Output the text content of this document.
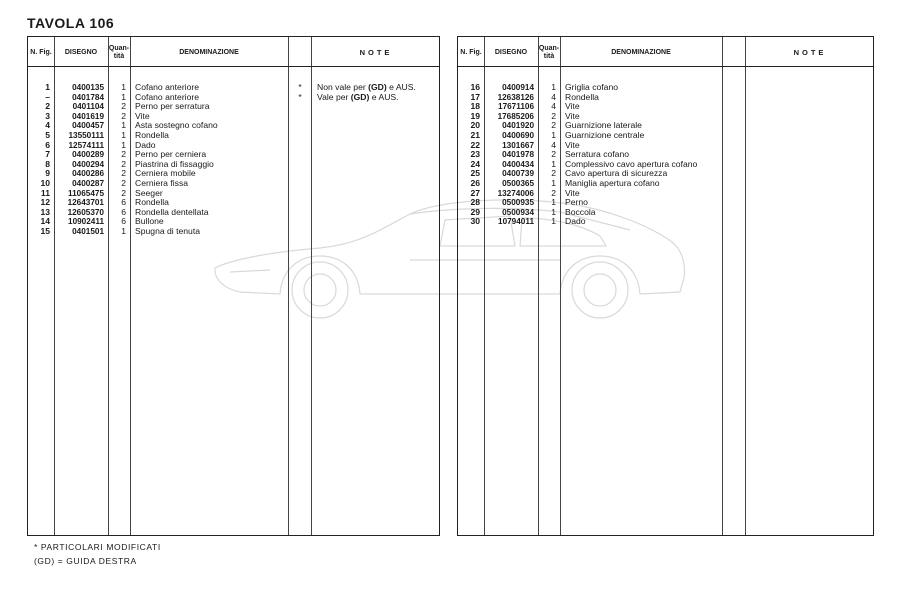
TAVOLA 106
N. Fig.	DISEGNO
Quan- tità
DENOMINAZIONE	NOTE
1	0400135	1 Cofano anteriore	*	Non vale per (GD) e AUS.
–	0401784	1 Cofano anteriore	*	Vale per (GD) e AUS.
2	0401104	2 Perno per serratura
3	0401619	2 Vite
4	0400457	1 Asta sostegno cofano
5	13550111	1 Rondella
6	12574111	1 Dado
7	0400289	2 Perno per cerniera
8	0400294	2 Piastrina di fissaggio
9	0400286	2 Cerniera mobile
10	0400287	2 Cerniera fissa
11	11065475	2 Seeger
12	12643701	6 Rondella
13	12605370	6 Rondella dentellata
14	10902411	6 Bullone
15	0401501	1 Spugna di tenuta
N. Fig.	DISEGNO
Quan- tità
DENOMINAZIONE	NOTE
16	0400914	1 Griglia cofano
17	12638126	4 Rondella
18	17671106	4 Vite
19	17685206	2 Vite
20	0401920	2 Guarnizione laterale
21	0400690	1 Guarnizione centrale
22	1301667	4 Vite
23	0401978	2 Serratura cofano
24	0400434	1 Complessivo cavo apertura cofano
25	0400739	2 Cavo apertura di sicurezza
26	0500365	1 Maniglia apertura cofano
27	13274006	2 Vite
28	0500935	1 Perno
29	0500934	1 Boccola
30	10794011	1 Dado

* PARTICOLARI MODIFICATI

(GD) = GUIDA DESTRA
